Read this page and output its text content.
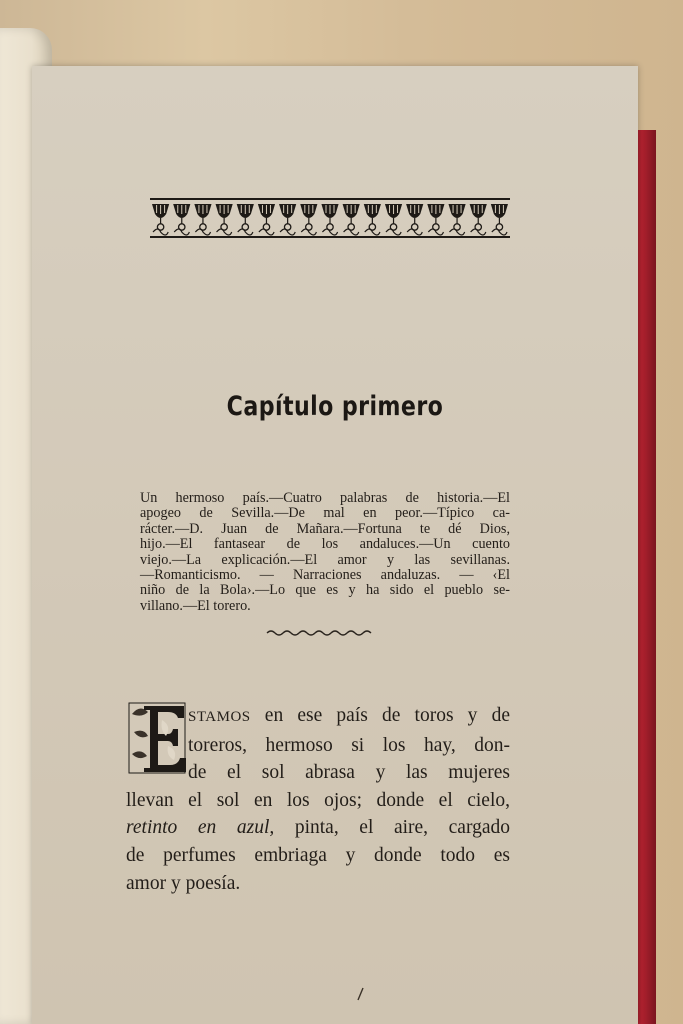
Capítulo primero
Un hermoso país.—Cuatro palabras de historia.—El
apogeo de Sevilla.—De mal en peor.—Típico ca-
rácter.—D. Juan de Mañara.—Fortuna te dé Dios,
hijo.—El fantasear de los andaluces.—Un cuento
viejo.—La explicación.—El amor y las sevillanas.
—Romanticismo. — Narraciones andaluzas. — ‹El
niño de la Bola›.—Lo que es y ha sido el pueblo se-
villano.—El torero.
STAMOS en ese país de toros y de
toreros, hermoso si los hay, don-
de el sol abrasa y las mujeres
llevan el sol en los ojos; donde el cielo,
retinto en azul, pinta, el aire, cargado
de perfumes embriaga y donde todo es
amor y poesía.
